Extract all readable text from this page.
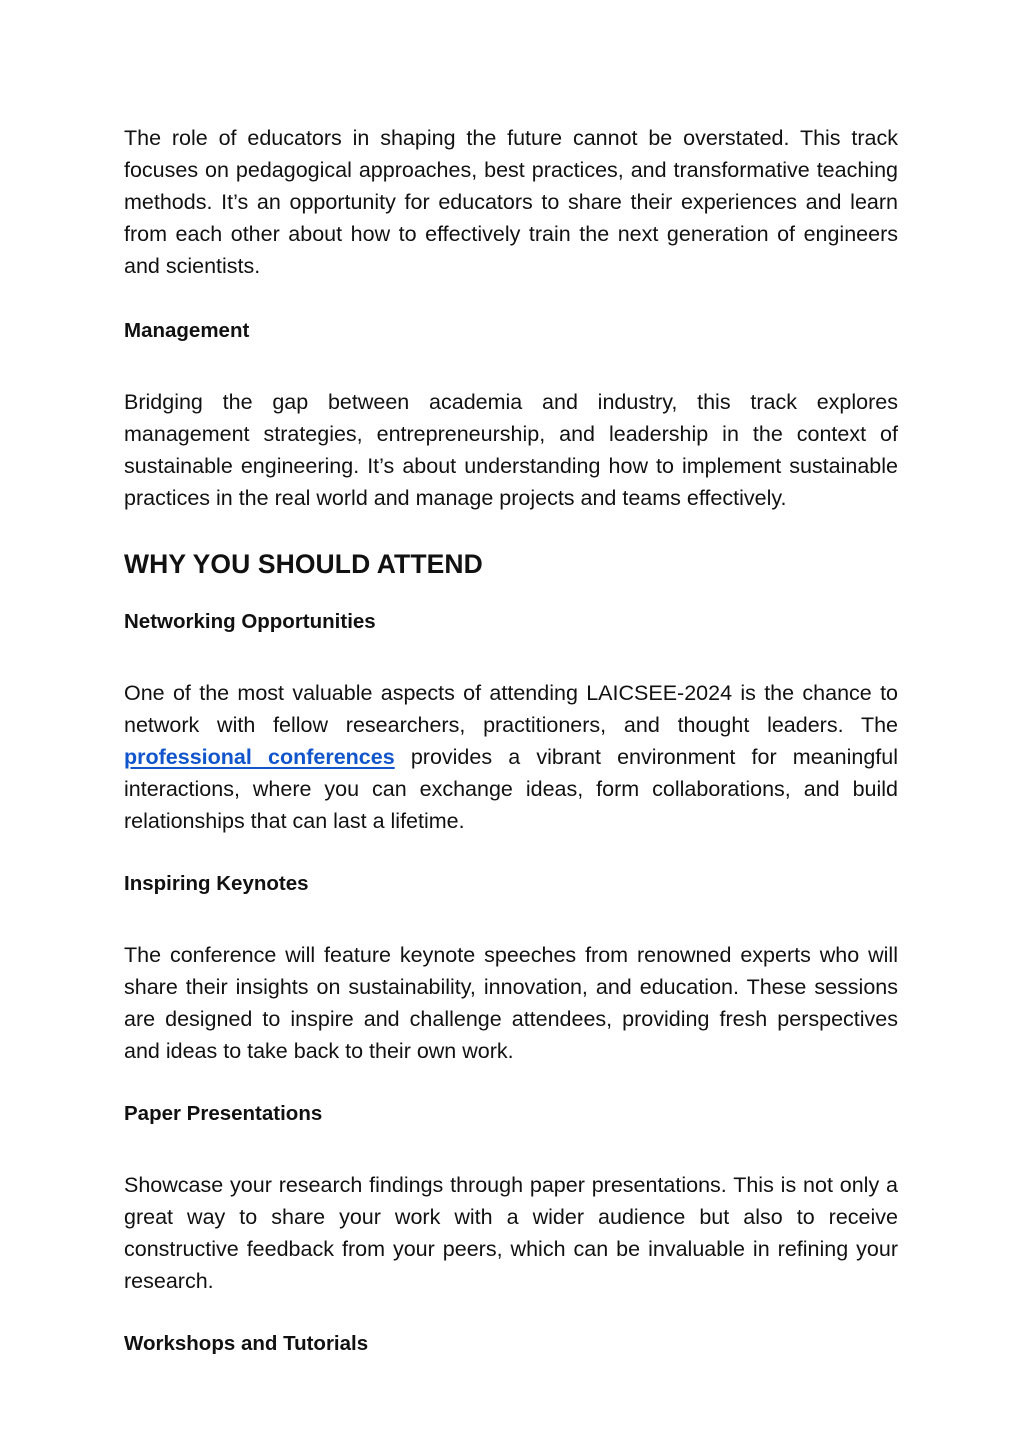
The role of educators in shaping the future cannot be overstated. This track focuses on pedagogical approaches, best practices, and transformative teaching methods. It’s an opportunity for educators to share their experiences and learn from each other about how to effectively train the next generation of engineers and scientists.

Management

Bridging the gap between academia and industry, this track explores management strategies, entrepreneurship, and leadership in the context of sustainable engineering. It’s about understanding how to implement sustainable practices in the real world and manage projects and teams effectively.

WHY YOU SHOULD ATTEND

Networking Opportunities

One of the most valuable aspects of attending LAICSEE-2024 is the chance to network with fellow researchers, practitioners, and thought leaders. The professional conferences provides a vibrant environment for meaningful interactions, where you can exchange ideas, form collaborations, and build relationships that can last a lifetime.

Inspiring Keynotes

The conference will feature keynote speeches from renowned experts who will share their insights on sustainability, innovation, and education. These sessions are designed to inspire and challenge attendees, providing fresh perspectives and ideas to take back to their own work.

Paper Presentations

Showcase your research findings through paper presentations. This is not only a great way to share your work with a wider audience but also to receive constructive feedback from your peers, which can be invaluable in refining your research.

Workshops and Tutorials
